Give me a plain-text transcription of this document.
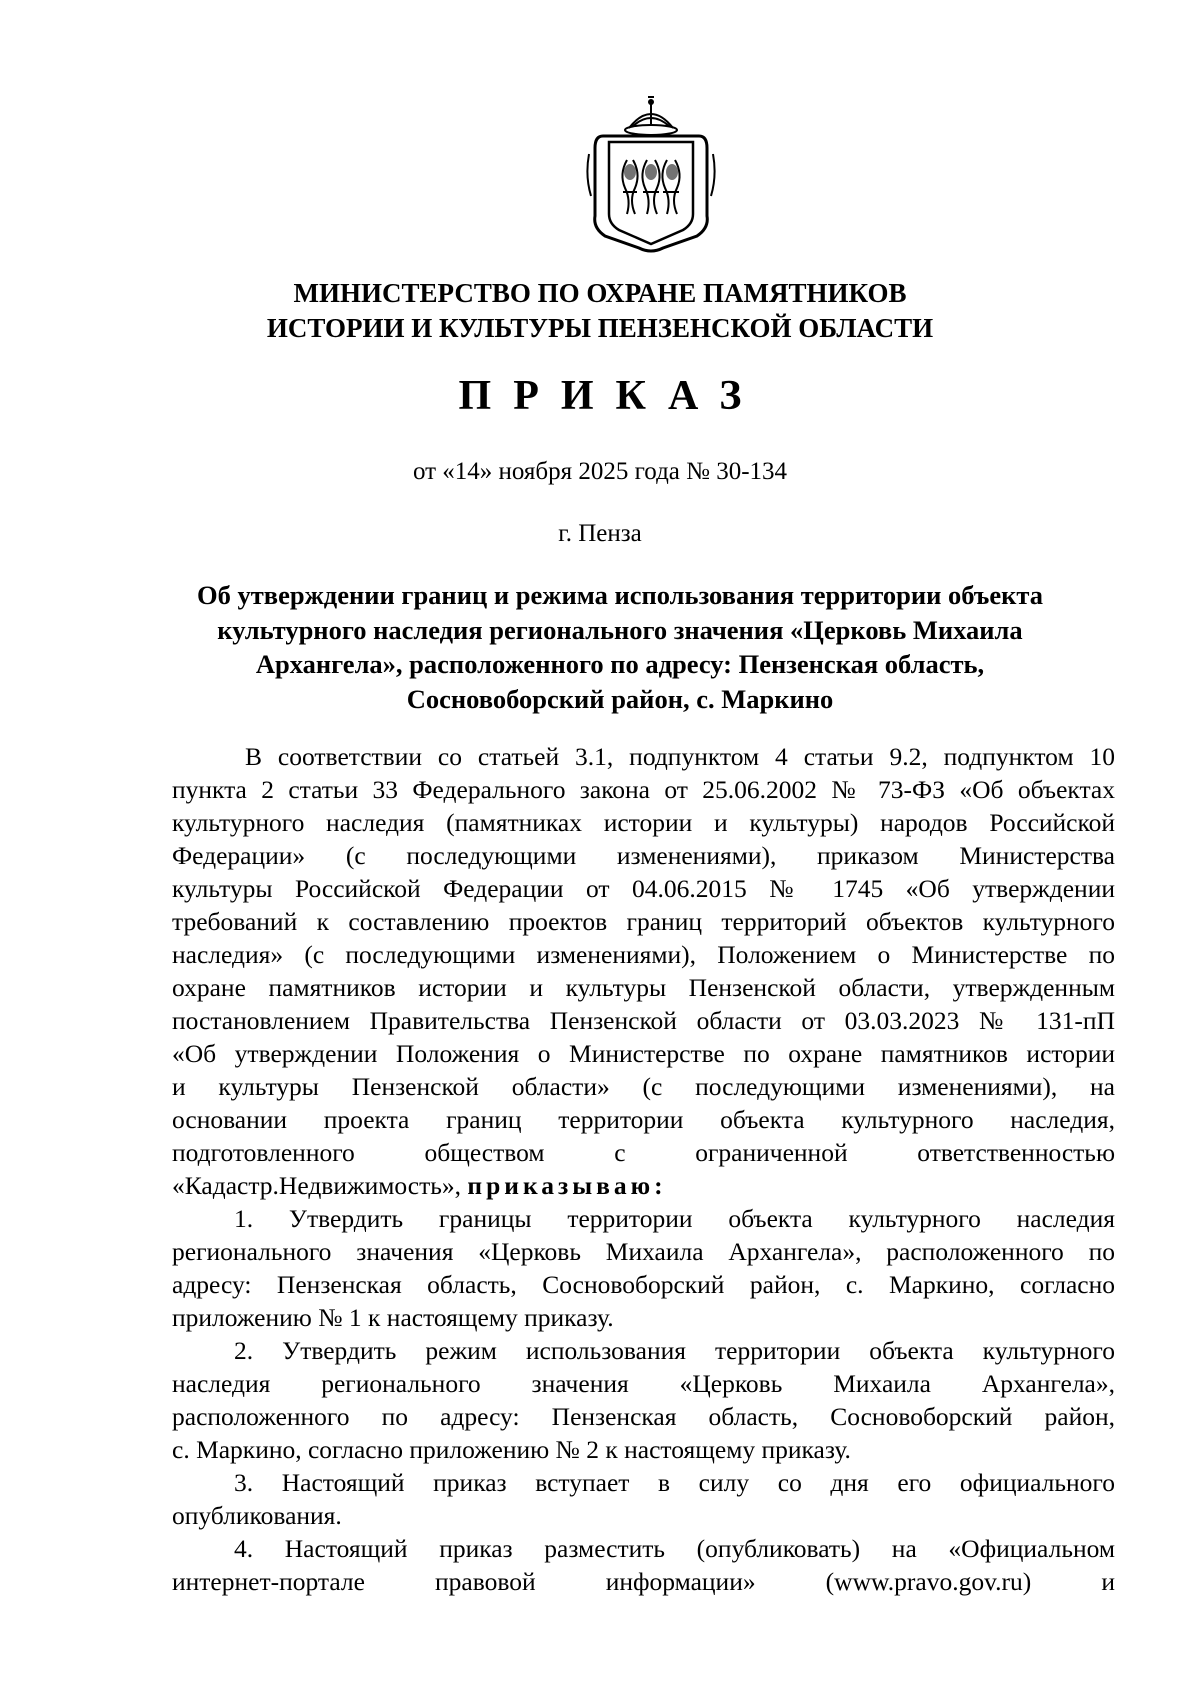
МИНИСТЕРСТВО ПО ОХРАНЕ ПАМЯТНИКОВ
ИСТОРИИ И КУЛЬТУРЫ ПЕНЗЕНСКОЙ ОБЛАСТИ
ПРИКАЗ
от «14» ноября 2025 года № 30-134
г. Пенза
Об утверждении границ и режима использования территории объекта
культурного наследия регионального значения «Церковь Михаила
Архангела», расположенного по адресу: Пензенская область,
Сосновоборский район, с. Маркино
В соответствии со статьей 3.1, подпунктом 4 статьи 9.2, подпунктом 10
пункта 2 статьи 33 Федерального закона от 25.06.2002 № 73-ФЗ «Об объектах
культурного наследия (памятниках истории и культуры) народов Российской
Федерации» (с последующими изменениями), приказом Министерства
культуры Российской Федерации от 04.06.2015 № 1745 «Об утверждении
требований к составлению проектов границ территорий объектов культурного
наследия» (с последующими изменениями), Положением о Министерстве по
охране памятников истории и культуры Пензенской области, утвержденным
постановлением Правительства Пензенской области от 03.03.2023 № 131-пП
«Об утверждении Положения о Министерстве по охране памятников истории
и культуры Пензенской области» (с последующими изменениями), на
основании проекта границ территории объекта культурного наследия,
подготовленного обществом с ограниченной ответственностью
«Кадастр.Недвижимость», приказываю:
1. Утвердить границы территории объекта культурного наследия
регионального значения «Церковь Михаила Архангела», расположенного по
адресу: Пензенская область, Сосновоборский район, с. Маркино, согласно
приложению № 1 к настоящему приказу.
2. Утвердить режим использования территории объекта культурного
наследия регионального значения «Церковь Михаила Архангела»,
расположенного по адресу: Пензенская область, Сосновоборский район,
с. Маркино, согласно приложению № 2 к настоящему приказу.
3. Настоящий приказ вступает в силу со дня его официального
опубликования.
4. Настоящий приказ разместить (опубликовать) на «Официальном
интернет-портале правовой информации» (www.pravo.gov.ru) и
